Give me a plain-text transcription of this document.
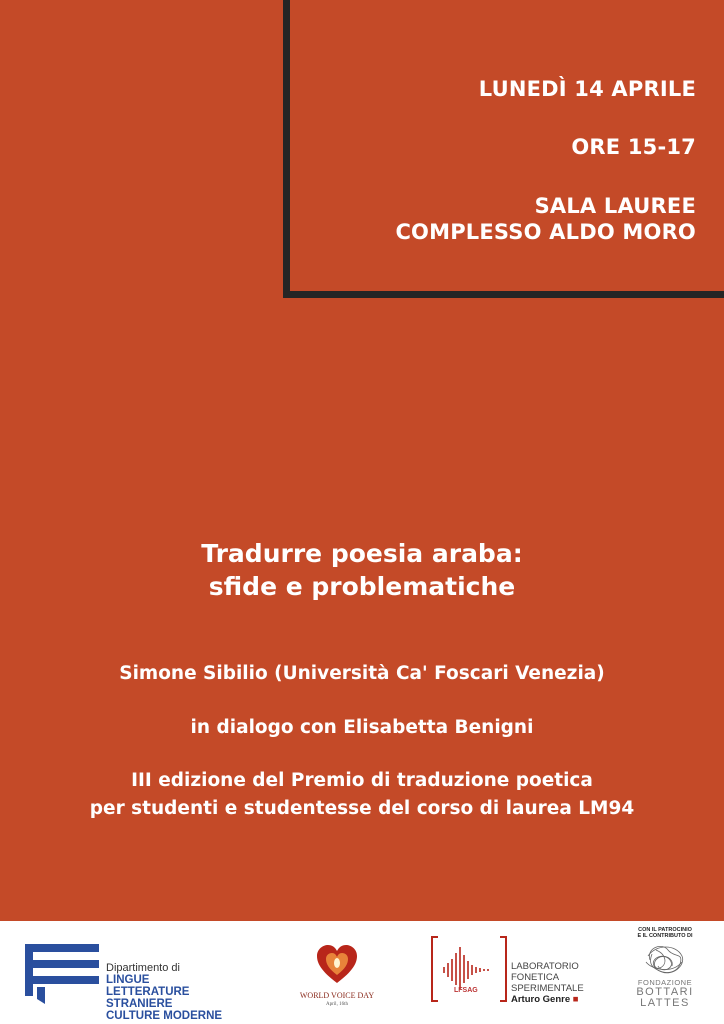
LUNEDÌ 14 APRILE
ORE 15-17
SALA LAUREE
COMPLESSO ALDO MORO
Tradurre poesia araba:
sfide e problematiche
Simone Sibilio (Università Ca' Foscari Venezia)
in dialogo con Elisabetta Benigni
III edizione del Premio di traduzione poetica
per studenti e studentesse del corso di laurea LM94
Dipartimento di
LINGUE
LETTERATURE STRANIERE
CULTURE MODERNE
WORLD VOICE DAY
April, 16th
LFSAG
LABORATORIO
FONETICA
SPERIMENTALE
Arturo Genre ■
CON IL PATROCINIO
E IL CONTRIBUTO DI
FONDAZIONE
BOTTARI
LATTES
